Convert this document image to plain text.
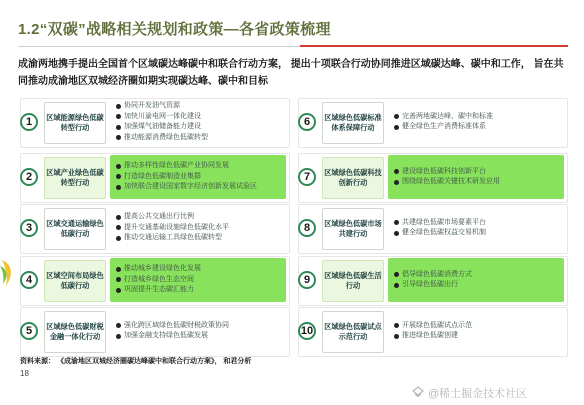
1.2“双碳”战略相关规划和政策—各省政策梳理
成渝两地携手提出全国首个区域碳达峰碳中和联合行动方案， 提出十项联合行动协同推进区域碳达峰、碳中和工作， 旨在共同推动成渝地区双城经济圈如期实现碳达峰、碳中和目标
1	区域能源绿色低碳转型行动
协同开发油气资源
加快川渝电网一体化建设
加强煤气油储备能力建设
推动能源消费绿色低碳转型
2	区域产业绿色低碳转型行动
推动多样性绿色低碳产业协同发展
打造绿色低碳制造业集群
加快联合建设国家数字经济创新发展试验区
3	区域交通运输绿色低碳行动
提高公共交通出行比例
提升交通基础设施绿色低碳化水平
推动交通运输工具绿色低碳转型
4	区域空间布局绿色低碳行动
推动城乡建设绿色化发展
打造城乡绿色生态空间
巩固提升生态碳汇能力
5	区域绿色低碳财税金融一体化行动
强化跨区域绿色低碳财税政策协同
加强金融支持绿色低碳发展
6	区域绿色低碳标准体系保障行动
完善两地碳达峰、碳中和标准
健全绿色生产消费标准体系
7	区域绿色低碳科技创新行动
建设绿色低碳科技创新平台
围绕绿色低碳关键技术研发应用
8	区域绿色低碳市场共建行动
共建绿色低碳市场要素平台
健全绿色低碳权益交易机制
9	区域绿色低碳生活行动
倡导绿色低碳消费方式
引导绿色低碳出行
10	区域绿色低碳试点示范行动
开展绿色低碳试点示范
推进绿色低碳创建
资料来源： 《成渝地区双城经济圈碳达峰碳中和联合行动方案》， 和君分析
18
@稀土掘金技术社区
